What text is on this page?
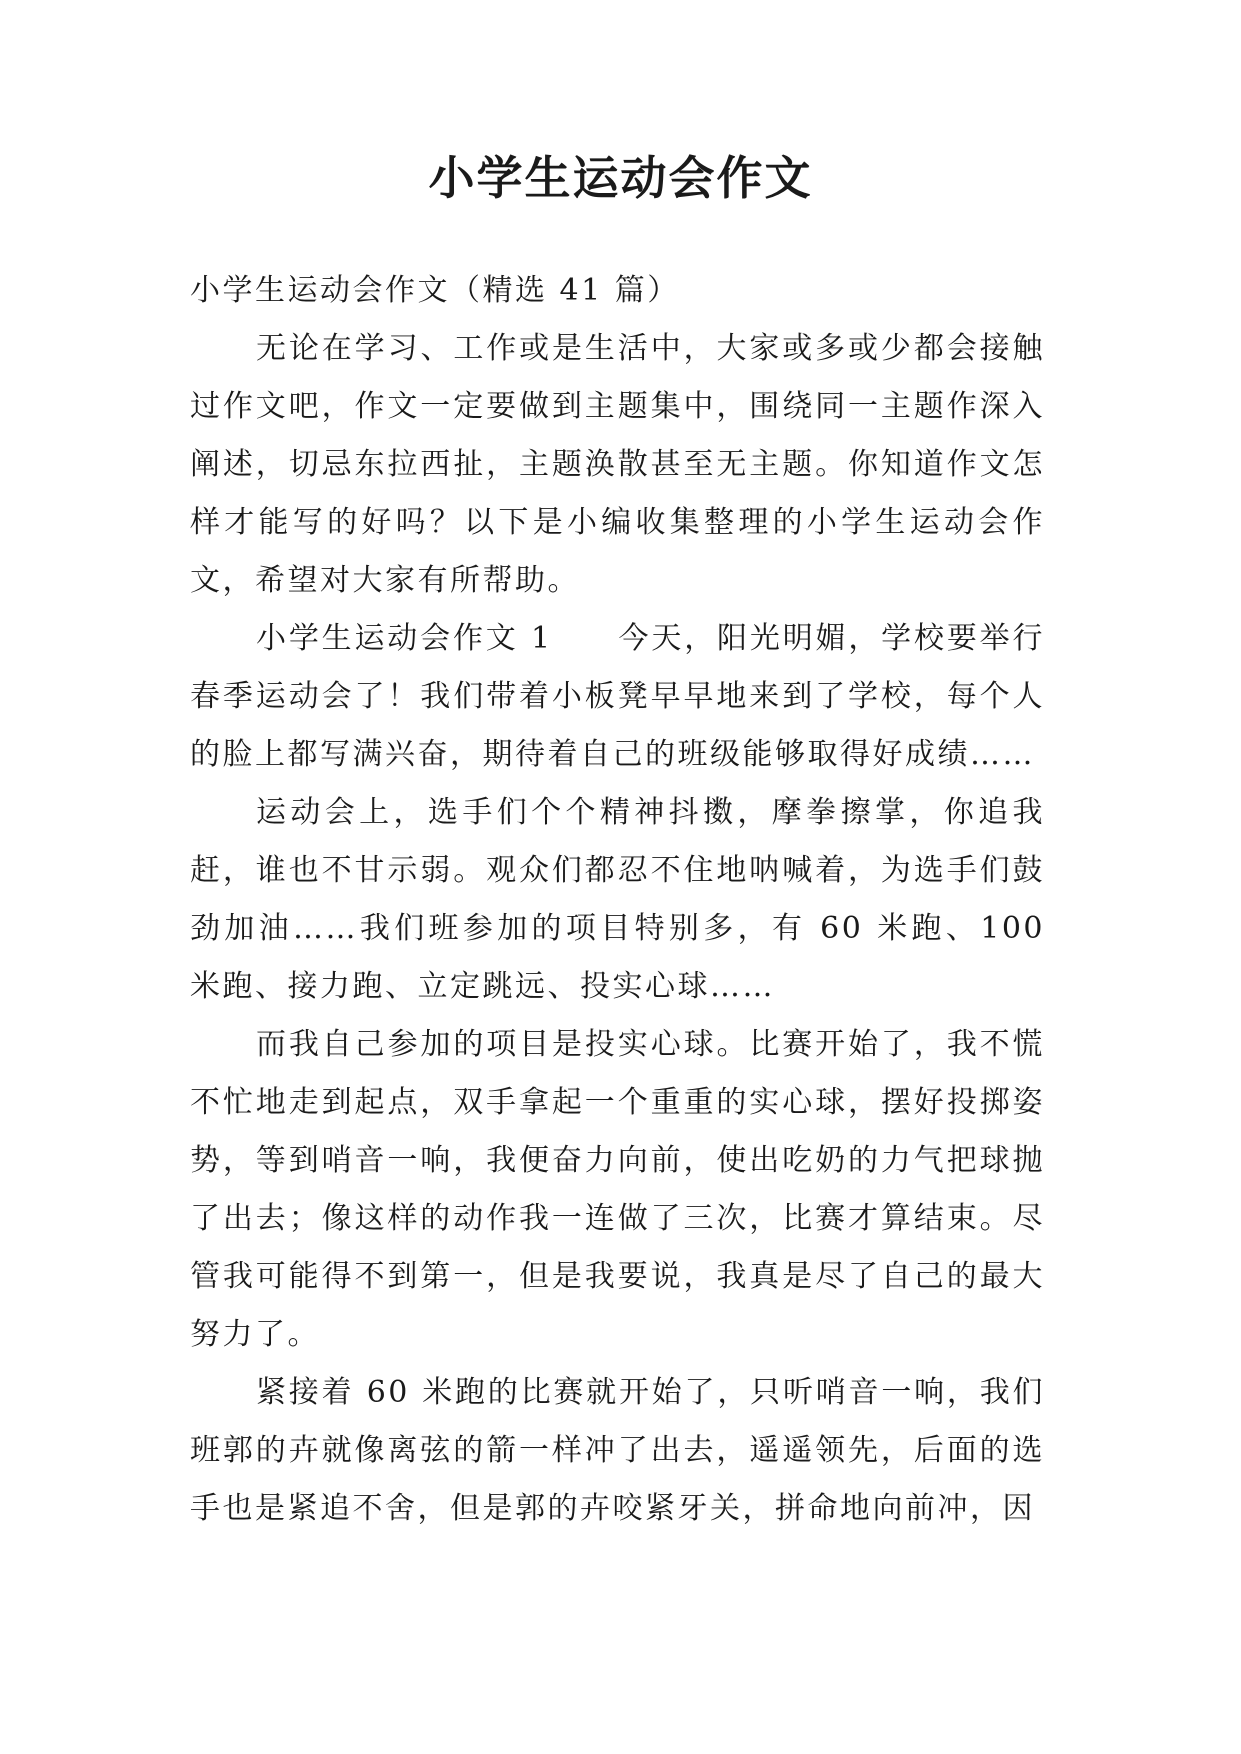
小学生运动会作文

小学生运动会作文（精选 41 篇）

无论在学习、工作或是生活中，大家或多或少都会接触过作文吧，作文一定要做到主题集中，围绕同一主题作深入阐述，切忌东拉西扯，主题涣散甚至无主题。你知道作文怎样才能写的好吗？以下是小编收集整理的小学生运动会作文，希望对大家有所帮助。

小学生运动会作文 1　　今天，阳光明媚，学校要举行春季运动会了！我们带着小板凳早早地来到了学校，每个人的脸上都写满兴奋，期待着自己的班级能够取得好成绩……

运动会上，选手们个个精神抖擞，摩拳擦掌，你追我赶，谁也不甘示弱。观众们都忍不住地呐喊着，为选手们鼓劲加油……我们班参加的项目特别多，有 60 米跑、100 米跑、接力跑、立定跳远、投实心球……

而我自己参加的项目是投实心球。比赛开始了，我不慌不忙地走到起点，双手拿起一个重重的实心球，摆好投掷姿势，等到哨音一响，我便奋力向前，使出吃奶的力气把球抛了出去；像这样的动作我一连做了三次，比赛才算结束。尽管我可能得不到第一，但是我要说，我真是尽了自己的最大努力了。

紧接着 60 米跑的比赛就开始了，只听哨音一响，我们班郭的卉就像离弦的箭一样冲了出去，遥遥领先，后面的选手也是紧追不舍，但是郭的卉咬紧牙关，拼命地向前冲，因
